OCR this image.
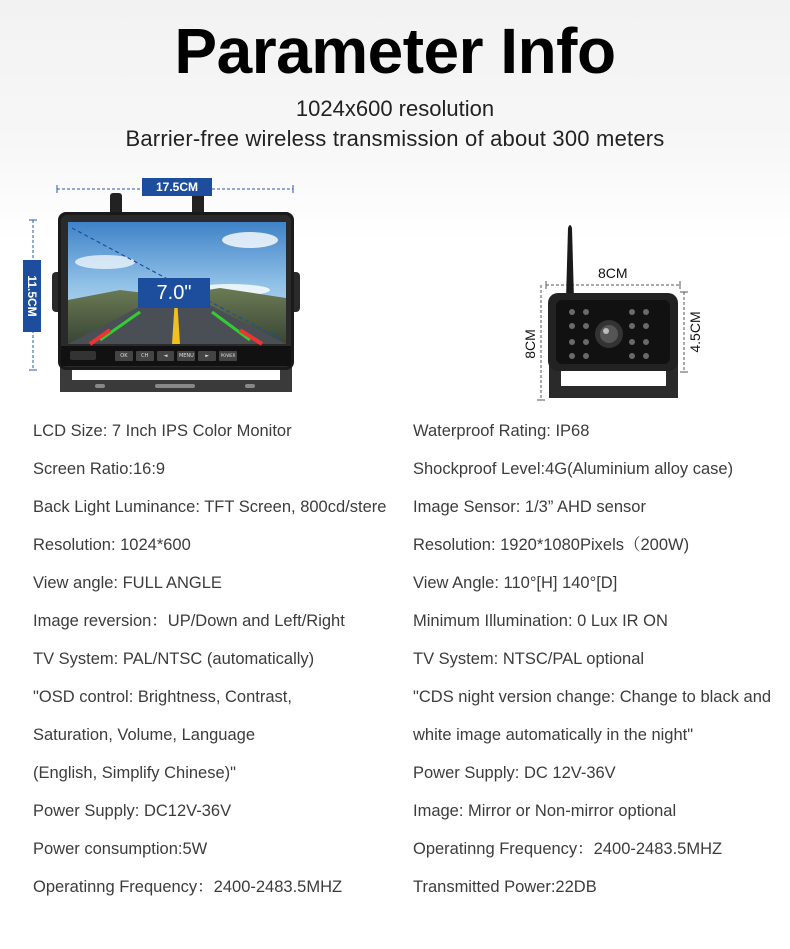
Parameter Info
1024x600 resolution
Barrier-free wireless transmission of about 300 meters
OK	CH	◄	MENU	►	POWER
17.5CM
11.5CM	7.0"
8CM
8CM	4.5CM
LCD Size: 7 Inch IPS Color Monitor
Screen Ratio:16:9
Back Light Luminance: TFT Screen, 800cd/stere
Resolution: 1024*600
View angle: FULL ANGLE
Image reversion：UP/Down and Left/Right
TV System: PAL/NTSC (automatically)
"OSD control: Brightness, Contrast,
Saturation, Volume, Language
(English, Simplify Chinese)"
Power Supply: DC12V-36V
Power consumption:5W
Operatinng Frequency：2400-2483.5MHZ
Waterproof Rating: IP68
Shockproof Level:4G(Aluminium alloy case)
Image Sensor: 1/3” AHD sensor
Resolution: 1920*1080Pixels（200W)
View Angle: 110°[H] 140°[D]
Minimum Illumination: 0 Lux IR ON
TV System: NTSC/PAL optional
"CDS night version change: Change to black and
white image automatically in the night"
Power Supply: DC 12V-36V
Image: Mirror or Non-mirror optional
Operatinng Frequency：2400-2483.5MHZ
Transmitted Power:22DB
